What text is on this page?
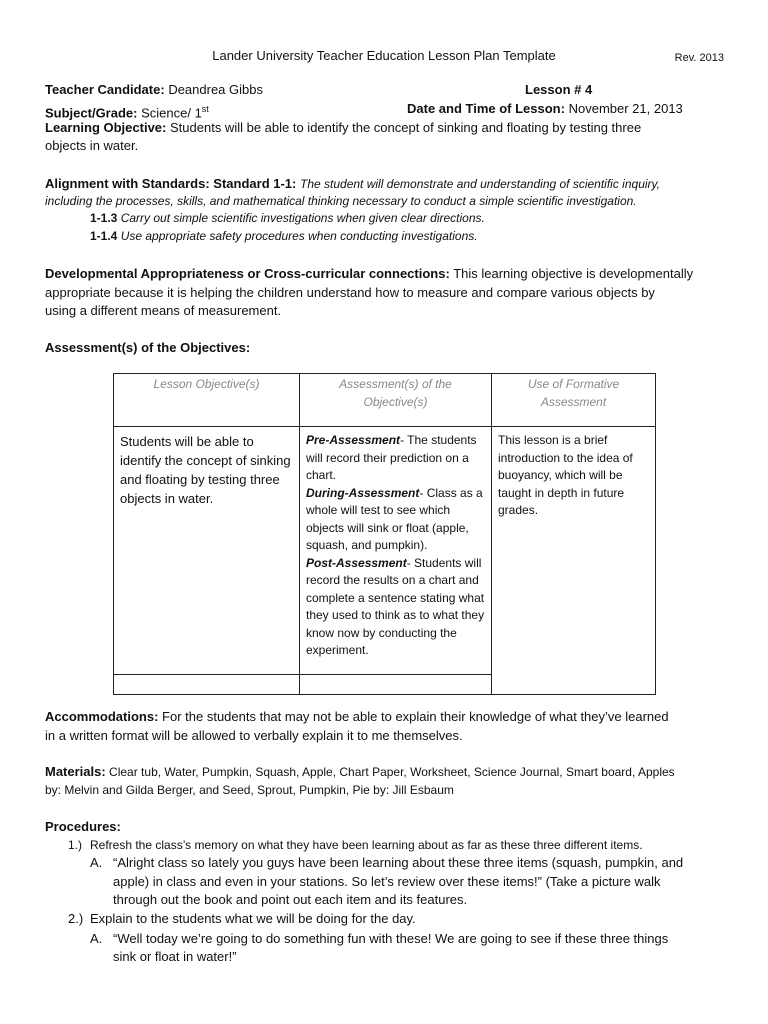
Lander University Teacher Education Lesson Plan Template	Rev. 2013
Teacher Candidate: Deandrea Gibbs	Lesson # 4
Subject/Grade: Science/ 1st	Date and Time of Lesson: November 21, 2013
Learning Objective: Students will be able to identify the concept of sinking and floating by testing three
objects in water.
Alignment with Standards: Standard 1-1: The student will demonstrate and understanding of scientific inquiry,
including the processes, skills, and mathematical thinking necessary to conduct a simple scientific investigation.
1-1.3 Carry out simple scientific investigations when given clear directions.
1-1.4 Use appropriate safety procedures when conducting investigations.
Developmental Appropriateness or Cross-curricular connections: This learning objective is developmentally
appropriate because it is helping the children understand how to measure and compare various objects by
using a different means of measurement.
Assessment(s) of the Objectives:
Lesson Objective(s)	Assessment(s) of the Objective(s)	Use of Formative Assessment
Students will be able to identify the concept of sinking and floating by testing three objects in water.	Pre-Assessment- The students will record their prediction on a chart.
During-Assessment- Class as a whole will test to see which objects will sink or float (apple, squash, and pumpkin).
Post-Assessment- Students will record the results on a chart and complete a sentence stating what they used to think as to what they know now by conducting the experiment.	This lesson is a brief introduction to the idea of buoyancy, which will be taught in depth in future grades.

Accommodations: For the students that may not be able to explain their knowledge of what they’ve learned
in a written format will be allowed to verbally explain it to me themselves.
Materials: Clear tub, Water, Pumpkin, Squash, Apple, Chart Paper, Worksheet, Science Journal, Smart board, Apples
by: Melvin and Gilda Berger, and Seed, Sprout, Pumpkin, Pie by: Jill Esbaum
Procedures:
1.) Refresh the class’s memory on what they have been learning about as far as these three different items.
A. “Alright class so lately you guys have been learning about these three items (squash, pumpkin, and
apple) in class and even in your stations. So let’s review over these items!” (Take a picture walk
through out the book and point out each item and its features.
2.) Explain to the students what we will be doing for the day.
A. “Well today we’re going to do something fun with these! We are going to see if these three things
sink or float in water!”
